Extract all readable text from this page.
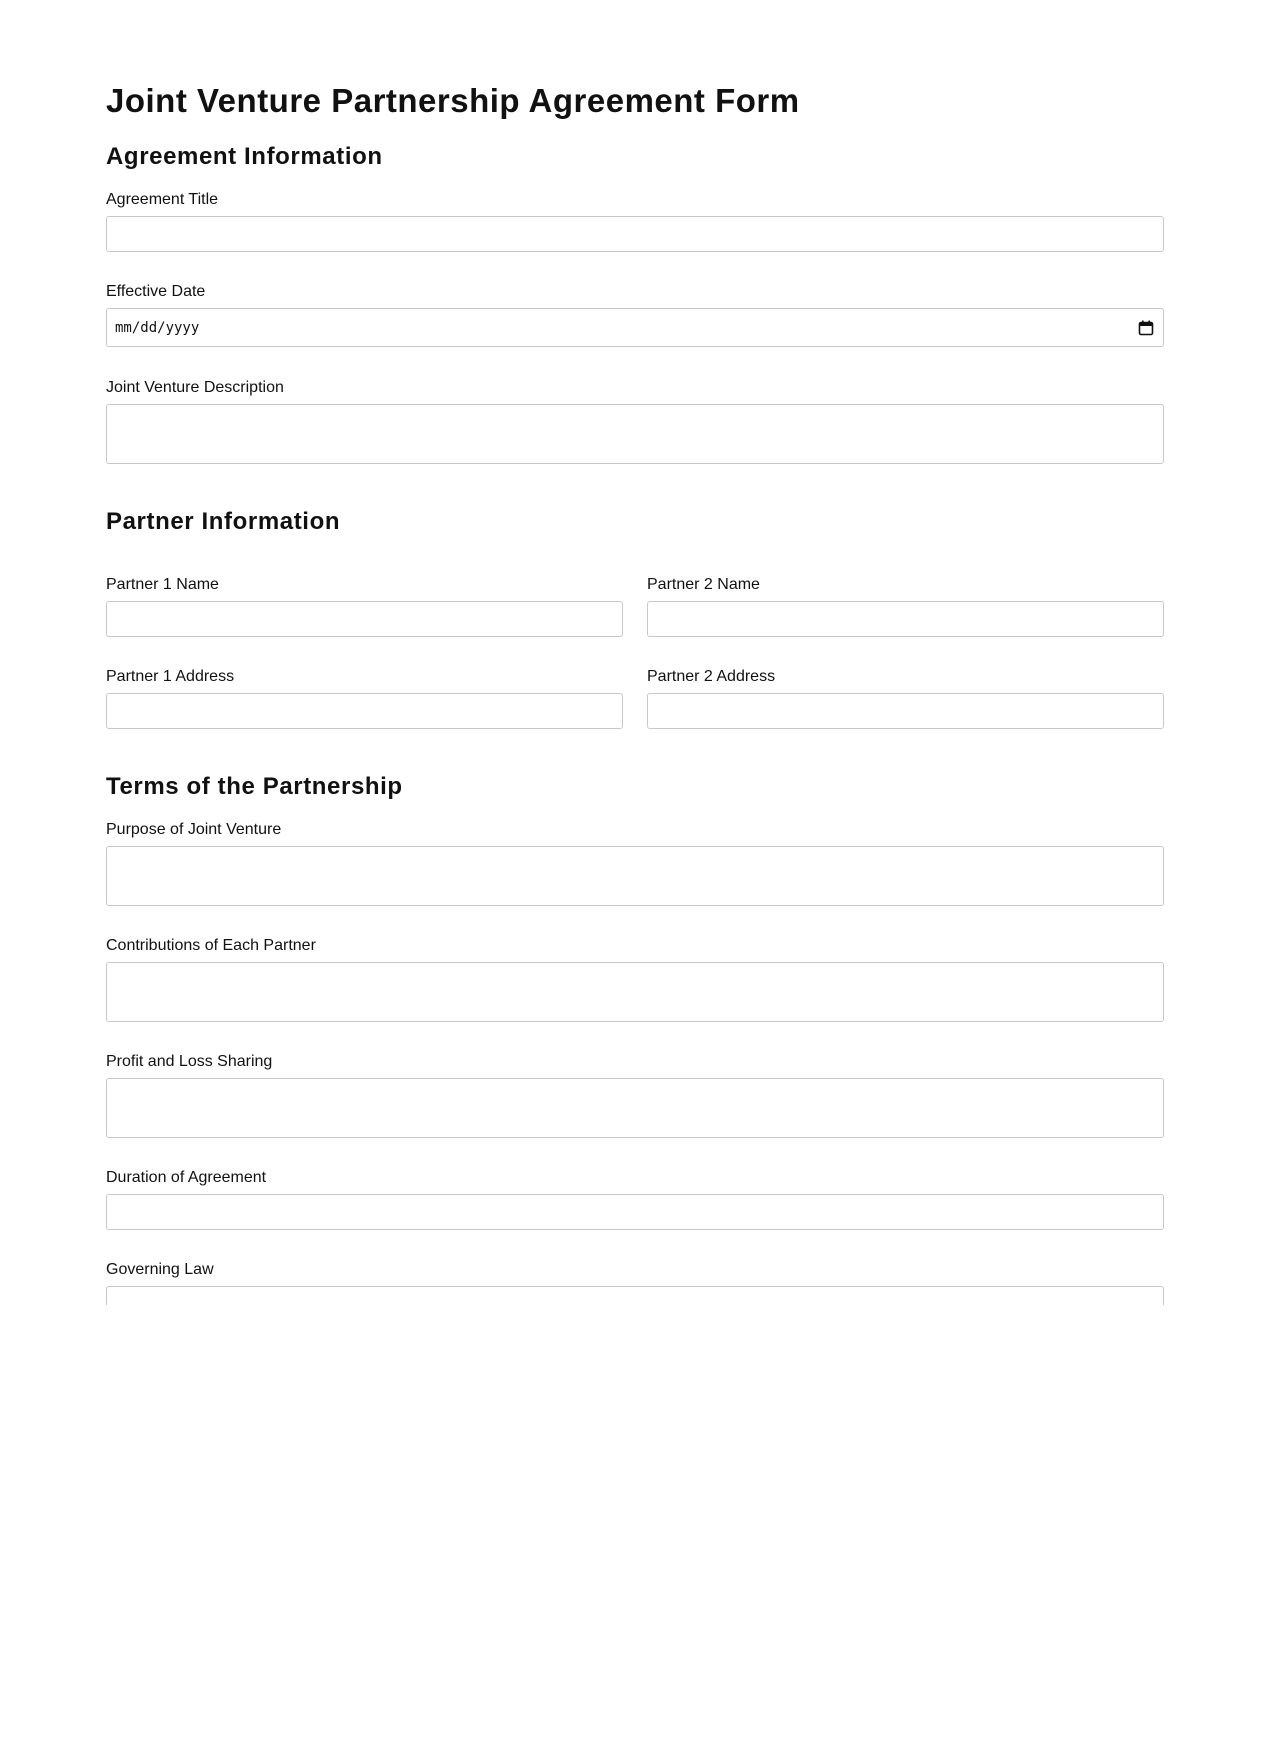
Joint Venture Partnership Agreement Form
Agreement Information
Agreement Title
Effective Date
mm/dd/yyyy
Joint Venture Description
Partner Information
Partner 1 Name	Partner 2 Name
Partner 1 Address	Partner 2 Address
Terms of the Partnership
Purpose of Joint Venture
Contributions of Each Partner
Profit and Loss Sharing
Duration of Agreement
Governing Law
